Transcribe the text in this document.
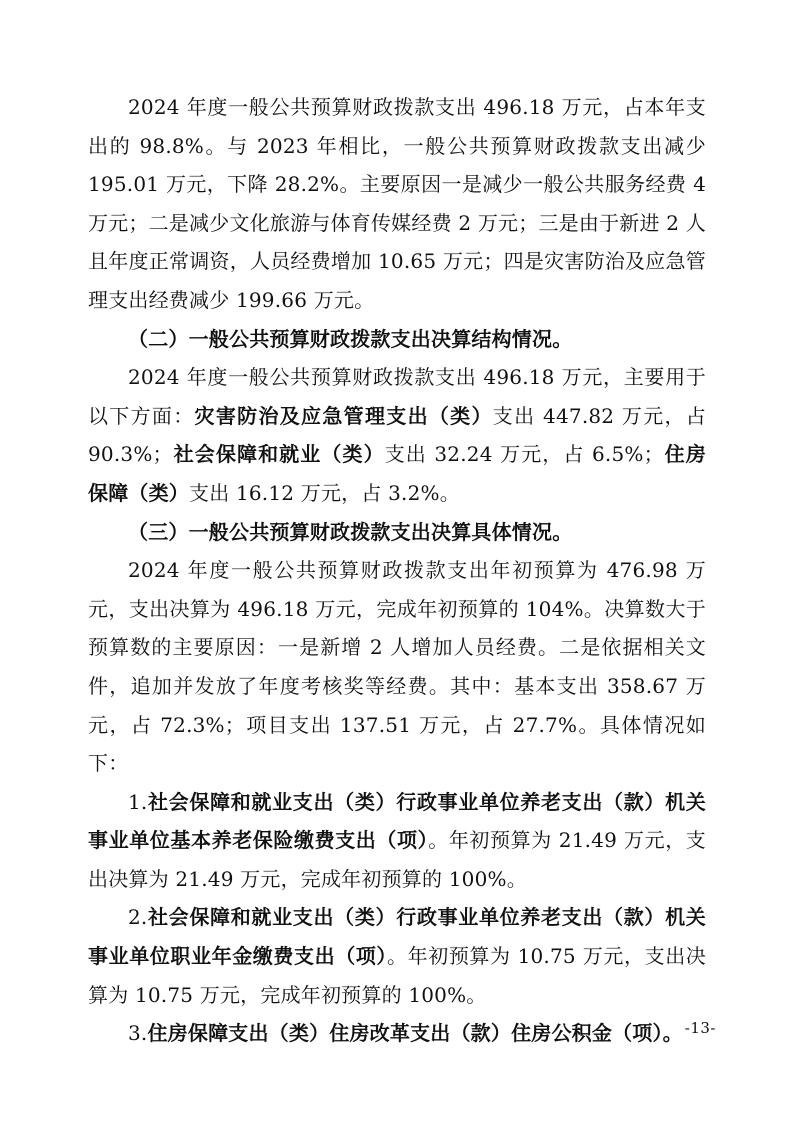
2024 年度一般公共预算财政拨款支出 496.18 万元，占本年支出的 98.8%。与 2023 年相比，一般公共预算财政拨款支出减少 195.01 万元，下降 28.2%。主要原因一是减少一般公共服务经费 4 万元；二是减少文化旅游与体育传媒经费 2 万元；三是由于新进 2 人且年度正常调资，人员经费增加 10.65 万元；四是灾害防治及应急管理支出经费减少 199.66 万元。

（二）一般公共预算财政拨款支出决算结构情况。

2024 年度一般公共预算财政拨款支出 496.18 万元，主要用于以下方面：灾害防治及应急管理支出（类）支出 447.82 万元，占 90.3%；社会保障和就业（类）支出 32.24 万元，占 6.5%；住房保障（类）支出 16.12 万元，占 3.2%。

（三）一般公共预算财政拨款支出决算具体情况。

2024 年度一般公共预算财政拨款支出年初预算为 476.98 万元，支出决算为 496.18 万元，完成年初预算的 104%。决算数大于预算数的主要原因：一是新增 2 人增加人员经费。二是依据相关文件，追加并发放了年度考核奖等经费。其中：基本支出 358.67 万元，占 72.3%；项目支出 137.51 万元，占 27.7%。具体情况如下：

1.社会保障和就业支出（类）行政事业单位养老支出（款）机关事业单位基本养老保险缴费支出（项）。年初预算为 21.49 万元，支出决算为 21.49 万元，完成年初预算的 100%。

2.社会保障和就业支出（类）行政事业单位养老支出（款）机关事业单位职业年金缴费支出（项）。年初预算为 10.75 万元，支出决算为 10.75 万元，完成年初预算的 100%。

3.住房保障支出（类）住房改革支出（款）住房公积金（项）。 -13-
